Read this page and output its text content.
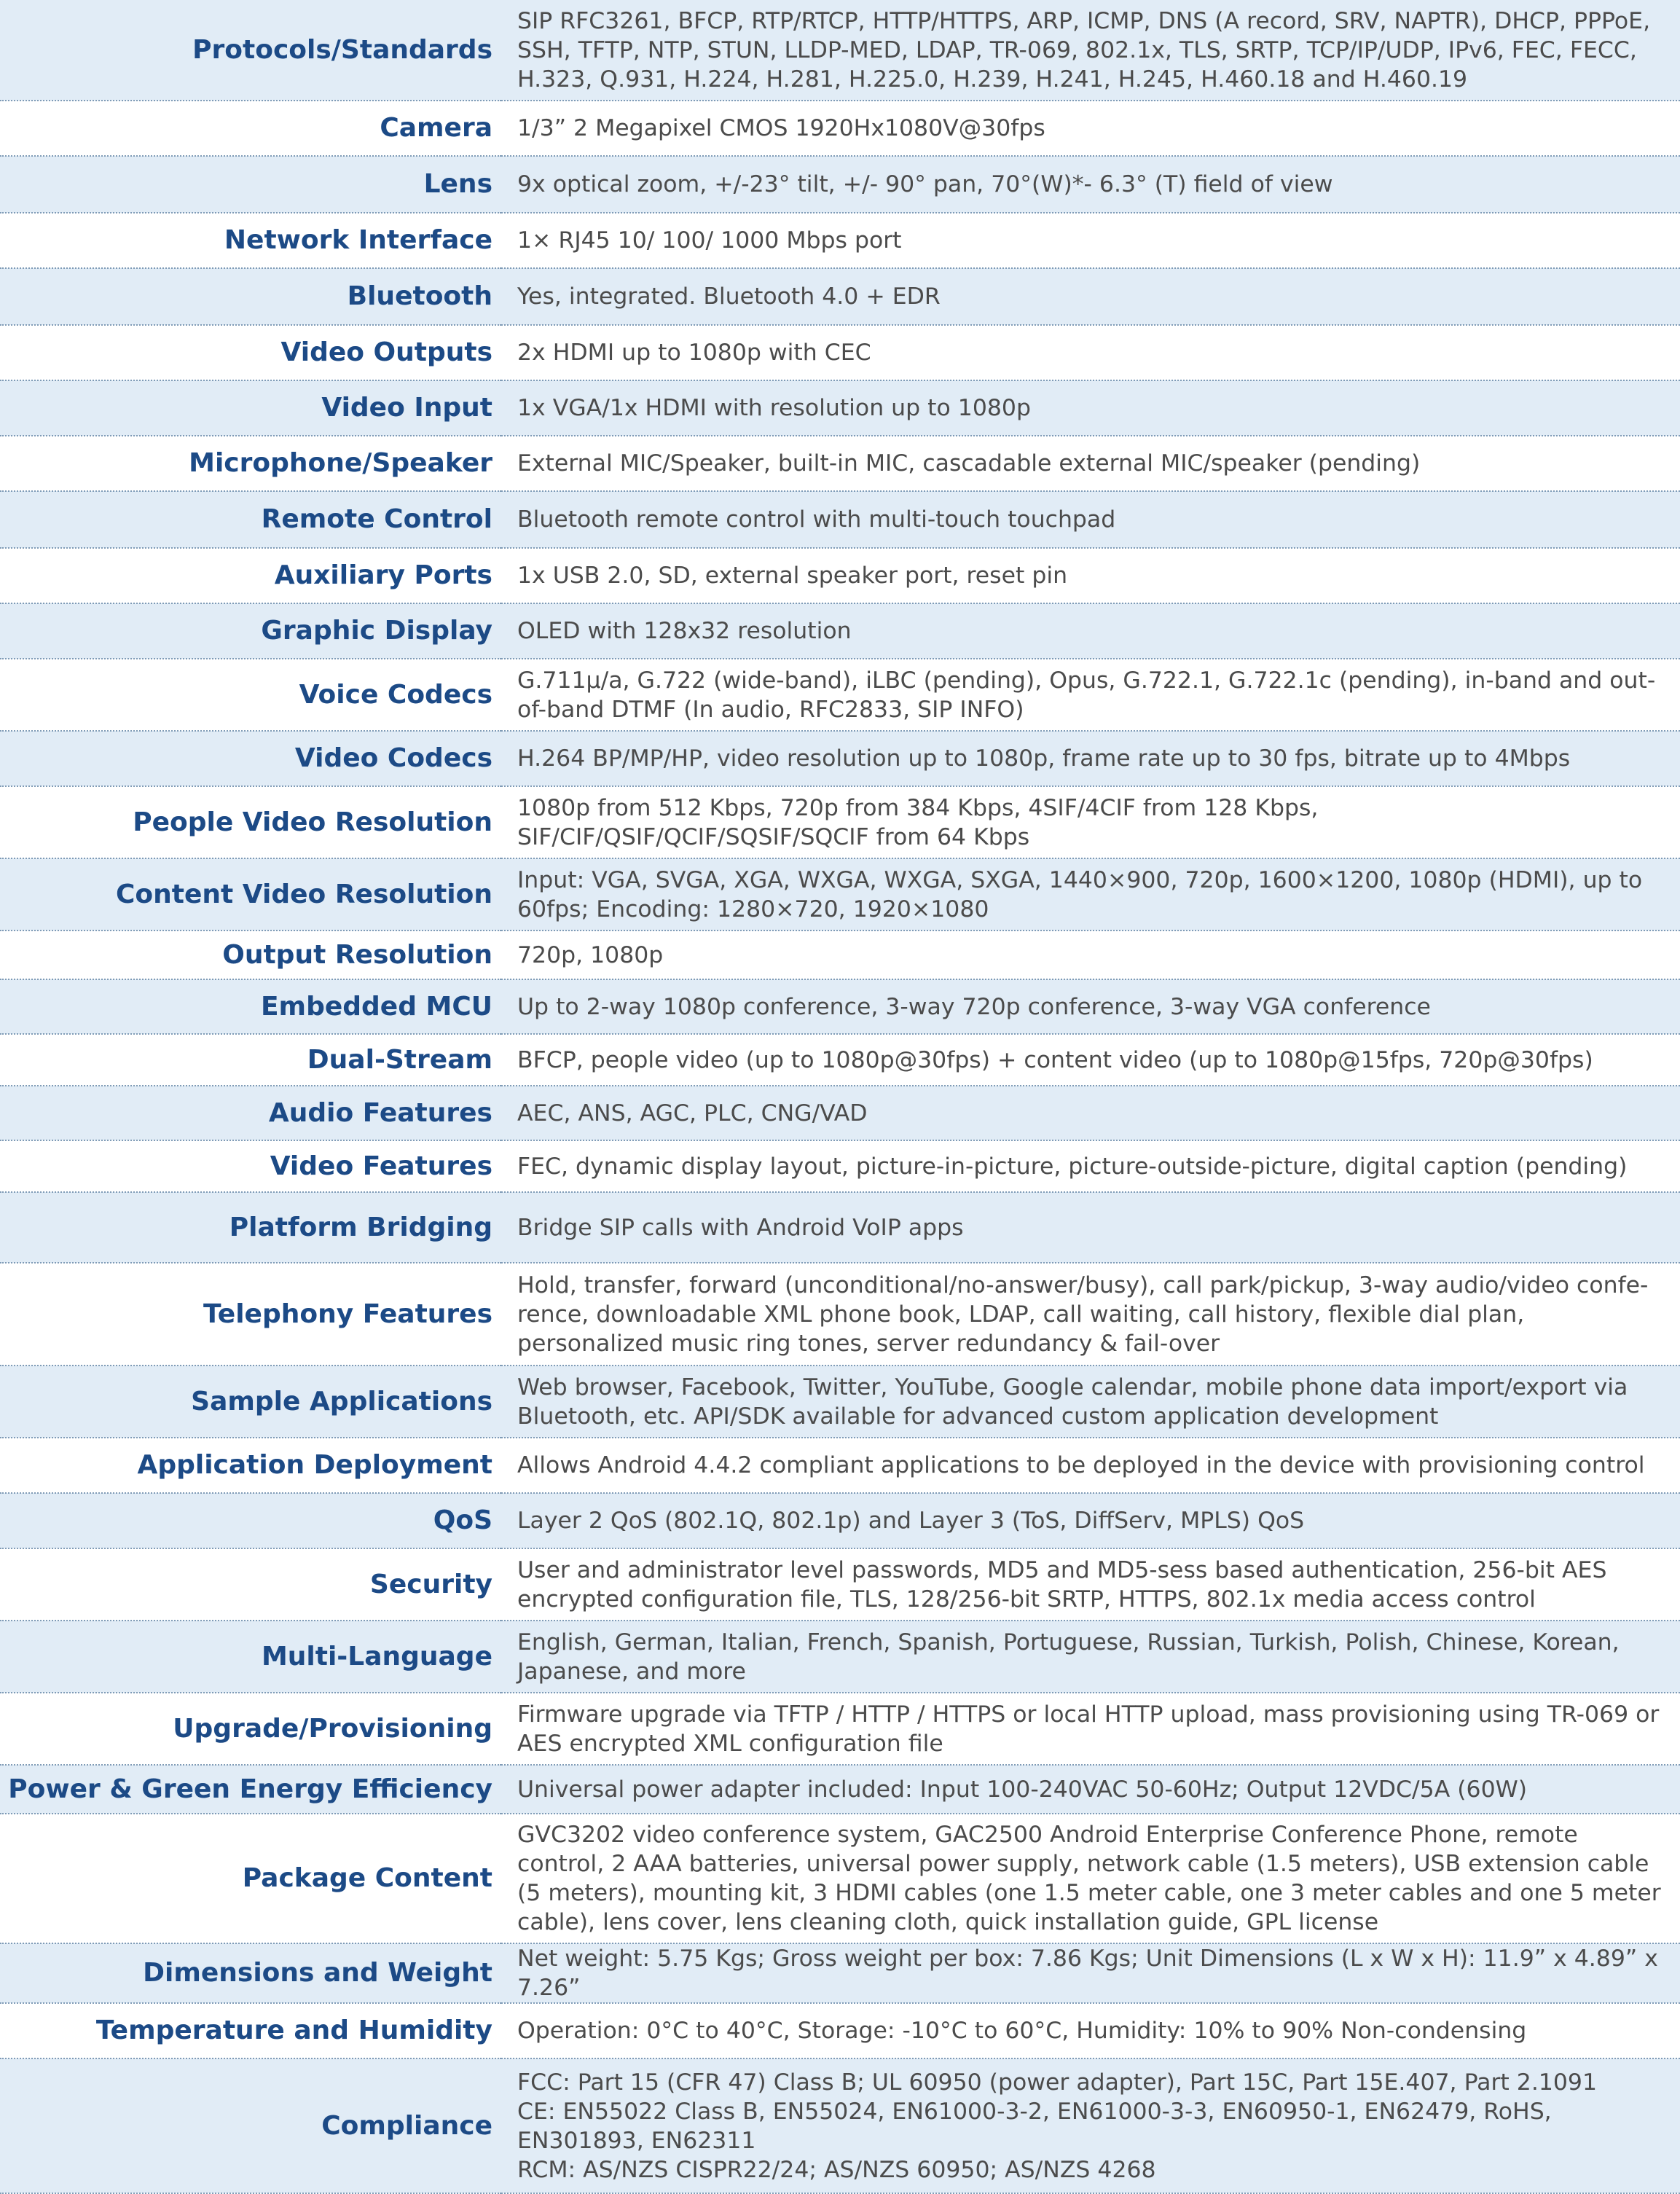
Protocols/Standards	SIP RFC3261, BFCP, RTP/RTCP, HTTP/HTTPS, ARP, ICMP, DNS (A record, SRV, NAPTR), DHCP, PPPoE, SSH, TFTP, NTP, STUN, LLDP-MED, LDAP, TR-069, 802.1x, TLS, SRTP, TCP/IP/UDP, IPv6, FEC, FECC, H.323, Q.931, H.224, H.281, H.225.0, H.239, H.241, H.245, H.460.18 and H.460.19
Camera	1/3” 2 Megapixel CMOS 1920Hx1080V@30fps
Lens	9x optical zoom, +/-23° tilt, +/- 90° pan, 70°(W)*- 6.3° (T) field of view
Network Interface	1× RJ45 10/ 100/ 1000 Mbps port
Bluetooth	Yes, integrated. Bluetooth 4.0 + EDR
Video Outputs	2x HDMI up to 1080p with CEC
Video Input	1x VGA/1x HDMI with resolution up to 1080p
Microphone/Speaker	External MIC/Speaker, built-in MIC, cascadable external MIC/speaker (pending)
Remote Control	Bluetooth remote control with multi-touch touchpad
Auxiliary Ports	1x USB 2.0, SD, external speaker port, reset pin
Graphic Display	OLED with 128x32 resolution
Voice Codecs	G.711μ/a, G.722 (wide-band), iLBC (pending), Opus, G.722.1, G.722.1c (pending), in-band and out-of-band DTMF (In audio, RFC2833, SIP INFO)
Video Codecs	H.264 BP/MP/HP, video resolution up to 1080p, frame rate up to 30 fps, bitrate up to 4Mbps
People Video Resolution	1080p from 512 Kbps, 720p from 384 Kbps, 4SIF/4CIF from 128 Kbps, SIF/CIF/QSIF/QCIF/SQSIF/SQCIF from 64 Kbps
Content Video Resolution	Input: VGA, SVGA, XGA, WXGA, WXGA, SXGA, 1440×900, 720p, 1600×1200, 1080p (HDMI), up to 60fps; Encoding: 1280×720, 1920×1080
Output Resolution	720p, 1080p
Embedded MCU	Up to 2-way 1080p conference, 3-way 720p conference, 3-way VGA conference
Dual-Stream	BFCP, people video (up to 1080p@30fps) + content video (up to 1080p@15fps, 720p@30fps)
Audio Features	AEC, ANS, AGC, PLC, CNG/VAD
Video Features	FEC, dynamic display layout, picture-in-picture, picture-outside-picture, digital caption (pending)
Platform Bridging	Bridge SIP calls with Android VoIP apps
Telephony Features	Hold, transfer, forward (unconditional/no-answer/busy), call park/pickup, 3-way audio/video confe-rence, downloadable XML phone book, LDAP, call waiting, call history, flexible dial plan, personalized music ring tones, server redundancy & fail-over
Sample Applications	Web browser, Facebook, Twitter, YouTube, Google calendar, mobile phone data import/export via Bluetooth, etc. API/SDK available for advanced custom application development
Application Deployment	Allows Android 4.4.2 compliant applications to be deployed in the device with provisioning control
QoS	Layer 2 QoS (802.1Q, 802.1p) and Layer 3 (ToS, DiffServ, MPLS) QoS
Security	User and administrator level passwords, MD5 and MD5-sess based authentication, 256-bit AES encrypted configuration file, TLS, 128/256-bit SRTP, HTTPS, 802.1x media access control
Multi-Language	English, German, Italian, French, Spanish, Portuguese, Russian, Turkish, Polish, Chinese, Korean, Japanese, and more
Upgrade/Provisioning	Firmware upgrade via TFTP / HTTP / HTTPS or local HTTP upload, mass provisioning using TR-069 or AES encrypted XML configuration file
Power & Green Energy Efficiency	Universal power adapter included: Input 100-240VAC 50-60Hz; Output 12VDC/5A (60W)
Package Content	GVC3202 video conference system, GAC2500 Android Enterprise Conference Phone, remote control, 2 AAA batteries, universal power supply, network cable (1.5 meters), USB extension cable (5 meters), mounting kit, 3 HDMI cables (one 1.5 meter cable, one 3 meter cables and one 5 meter cable), lens cover, lens cleaning cloth, quick installation guide, GPL license
Dimensions and Weight	Net weight: 5.75 Kgs; Gross weight per box: 7.86 Kgs; Unit Dimensions (L x W x H): 11.9” x 4.89” x 7.26”
Temperature and Humidity	Operation: 0°C to 40°C, Storage: -10°C to 60°C, Humidity: 10% to 90% Non-condensing
Compliance	FCC: Part 15 (CFR 47) Class B; UL 60950 (power adapter), Part 15C, Part 15E.407, Part 2.1091
CE: EN55022 Class B, EN55024, EN61000-3-2, EN61000-3-3, EN60950-1, EN62479, RoHS, EN301893, EN62311
RCM: AS/NZS CISPR22/24; AS/NZS 60950; AS/NZS 4268
